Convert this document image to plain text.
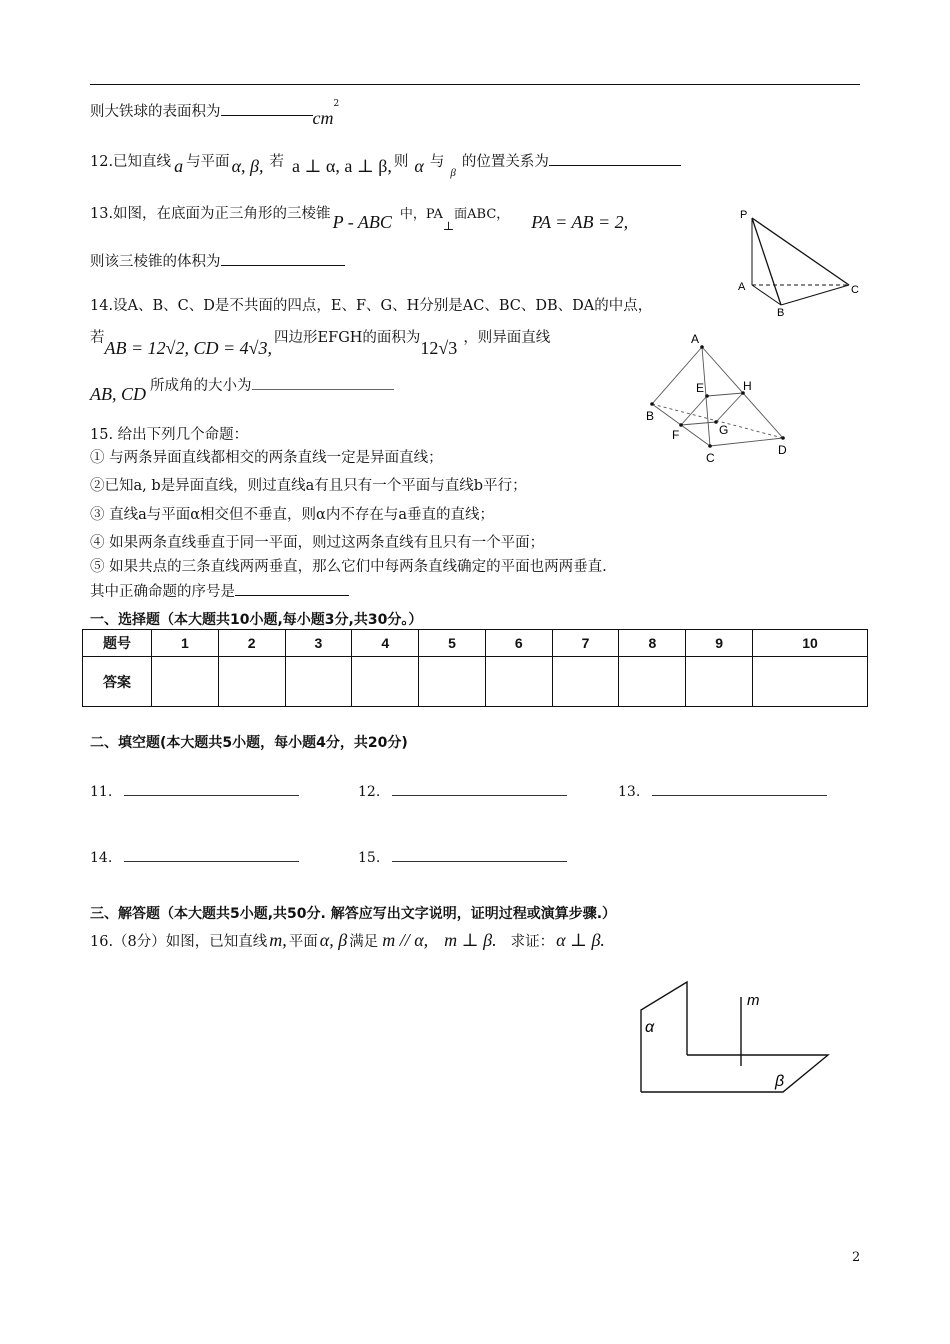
则大铁球的表面积为	$cm^2$
12.已知直线 a 与平面 α, β, 若 a ⊥ α, a ⊥ β, 则 α 与$_\beta$的位置关系为
13.如图，在底面为正三角形的三棱锥 P - ABC 中，$PA_\perp$面ABC， PA = AB = 2,
则该三棱锥的体积为
P
A
B
C
14.设A、B、C、D是不共面的四点，E、F、G、H分别是AC、BC、DB、DA的中点，
若AB = 12√2, CD = 4√3, 四边形EFGH的面积为12√3 ，则异面直线
AB, CD 所成角的大小为
A
B
C
D
E
F	G
H
15. 给出下列几个命题：
① 与两条异面直线都相交的两条直线一定是异面直线；
②已知a, b是异面直线，则过直线a有且只有一个平面与直线b平行；
③ 直线a与平面α相交但不垂直，则α内不存在与a垂直的直线；
④ 如果两条直线垂直于同一平面，则过这两条直线有且只有一个平面；
⑤ 如果共点的三条直线两两垂直，那么它们中每两条直线确定的平面也两两垂直.
其中正确命题的序号是
一、选择题（本大题共10小题,每小题3分,共30分。）
题号	1	2	3	4	5	6	7	8	9	10
答案										
二、填空题(本大题共5小题，每小题4分，共20分)
11.	12.	13.
14.	15.
三、解答题（本大题共5小题,共50分. 解答应写出文字说明，证明过程或演算步骤.）
16.（8分）如图，已知直线 m, 平面 α, β 满足 m // α, m ⊥ β. 求证： α ⊥ β.
α
β
m
2
